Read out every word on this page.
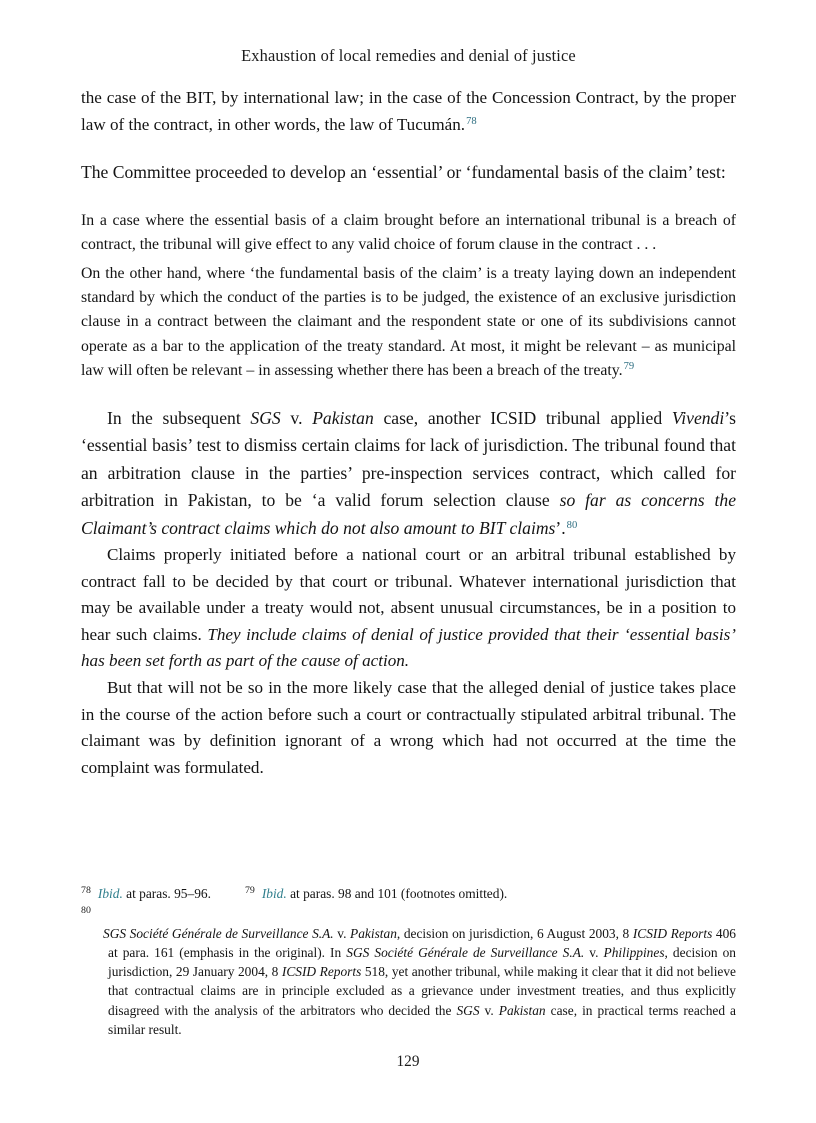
Exhaustion of local remedies and denial of justice

the case of the BIT, by international law; in the case of the Concession Contract, by the proper law of the contract, in other words, the law of Tucumán.$^{78}$

The Committee proceeded to develop an ‘essential’ or ‘fundamental basis of the claim’ test:

In a case where the essential basis of a claim brought before an international tribunal is a breach of contract, the tribunal will give effect to any valid choice of forum clause in the contract . . .

On the other hand, where ‘the fundamental basis of the claim’ is a treaty laying down an independent standard by which the conduct of the parties is to be judged, the existence of an exclusive jurisdiction clause in a contract between the claimant and the respondent state or one of its subdivisions cannot operate as a bar to the application of the treaty standard. At most, it might be relevant – as municipal law will often be relevant – in assessing whether there has been a breach of the treaty.$^{79}$

In the subsequent SGS v. Pakistan case, another ICSID tribunal applied Vivendi’s ‘essential basis’ test to dismiss certain claims for lack of jurisdiction. The tribunal found that an arbitration clause in the parties’ pre-inspection services contract, which called for arbitration in Pakistan, to be ‘a valid forum selection clause so far as concerns the Claimant’s contract claims which do not also amount to BIT claims’.$^{80}$

Claims properly initiated before a national court or an arbitral tribunal established by contract fall to be decided by that court or tribunal. Whatever international jurisdiction that may be available under a treaty would not, absent unusual circumstances, be in a position to hear such claims. They include claims of denial of justice provided that their ‘essential basis’ has been set forth as part of the cause of action.

But that will not be so in the more likely case that the alleged denial of justice takes place in the course of the action before such a court or contractually stipulated arbitral tribunal. The claimant was by definition ignorant of a wrong which had not occurred at the time the complaint was formulated.

$^{78}$ Ibid. at paras. 95–96.	$^{79}$ Ibid. at paras. 98 and 101 (footnotes omitted).
$^{80}$
SGS Société Générale de Surveillance S.A. v. Pakistan, decision on jurisdiction, 6 August 2003, 8 ICSID Reports 406 at para. 161 (emphasis in the original). In SGS Société Générale de Surveillance S.A. v. Philippines, decision on jurisdiction, 29 January 2004, 8 ICSID Reports 518, yet another tribunal, while making it clear that it did not believe that contractual claims are in principle excluded as a grievance under investment treaties, and thus explicitly disagreed with the analysis of the arbitrators who decided the SGS v. Pakistan case, in practical terms reached a similar result.
129
